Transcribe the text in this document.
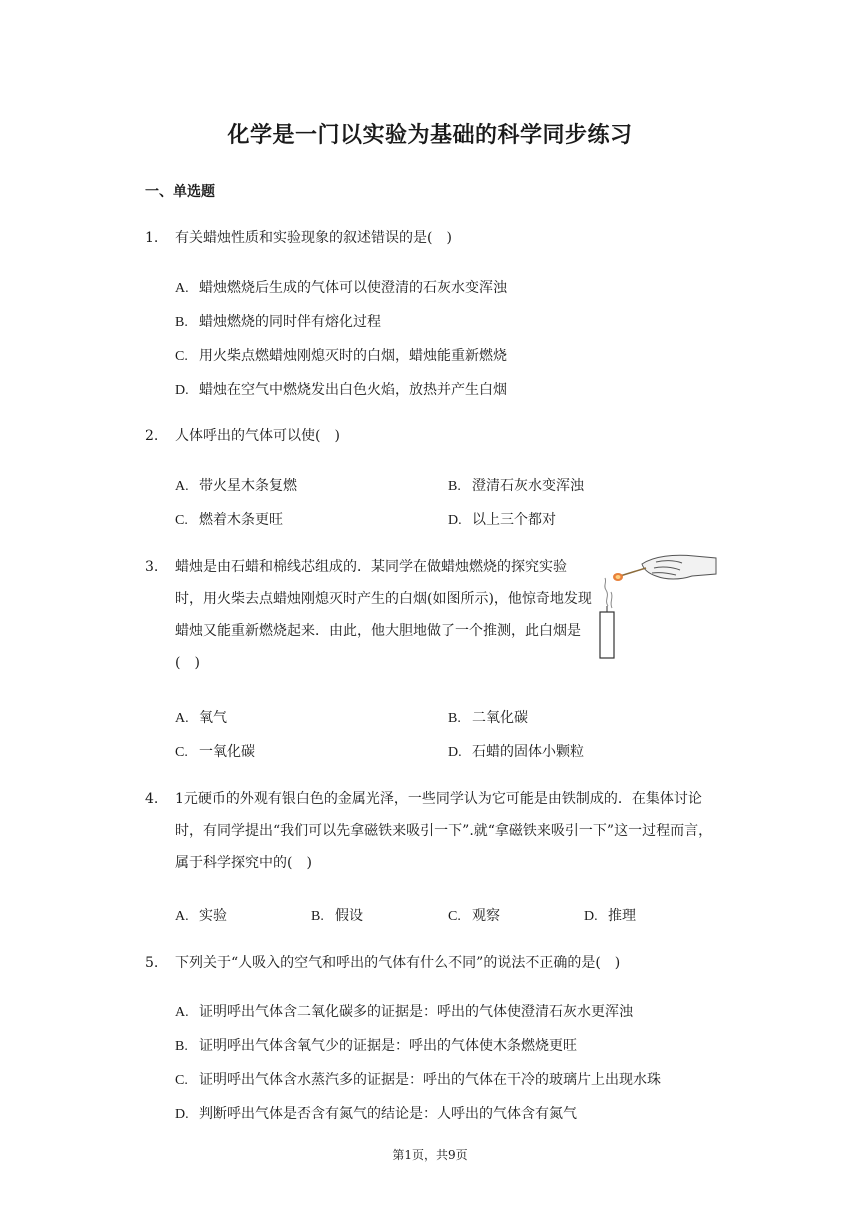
化学是一门以实验为基础的科学同步练习
一、单选题
1.	有关蜡烛性质和实验现象的叙述错误的是(　)
A. 蜡烛燃烧后生成的气体可以使澄清的石灰水变浑浊
B. 蜡烛燃烧的同时伴有熔化过程
C. 用火柴点燃蜡烛刚熄灭时的白烟，蜡烛能重新燃烧
D. 蜡烛在空气中燃烧发出白色火焰，放热并产生白烟
2.	人体呼出的气体可以使(　)
A. 带火星木条复燃	B. 澄清石灰水变浑浊
C. 燃着木条更旺	D. 以上三个都对
3.	蜡烛是由石蜡和棉线芯组成的．某同学在做蜡烛燃烧的探究实验时，用火柴去点蜡烛刚熄灭时产生的白烟(如图所示)，他惊奇地发现蜡烛又能重新燃烧起来．由此，他大胆地做了一个推测，此白烟是(　)
A. 氧气	B. 二氧化碳
C. 一氧化碳	D. 石蜡的固体小颗粒
4.	1元硬币的外观有银白色的金属光泽，一些同学认为它可能是由铁制成的．在集体讨论时，有同学提出“我们可以先拿磁铁来吸引一下”.就“拿磁铁来吸引一下”这一过程而言，属于科学探究中的(　)
A. 实验	B. 假设	C. 观察	D. 推理
5.	下列关于“人吸入的空气和呼出的气体有什么不同”的说法不正确的是(　)
A. 证明呼出气体含二氧化碳多的证据是：呼出的气体使澄清石灰水更浑浊
B. 证明呼出气体含氧气少的证据是：呼出的气体使木条燃烧更旺
C. 证明呼出气体含水蒸汽多的证据是：呼出的气体在干冷的玻璃片上出现水珠
D. 判断呼出气体是否含有氮气的结论是：人呼出的气体含有氮气
第1页，共9页
